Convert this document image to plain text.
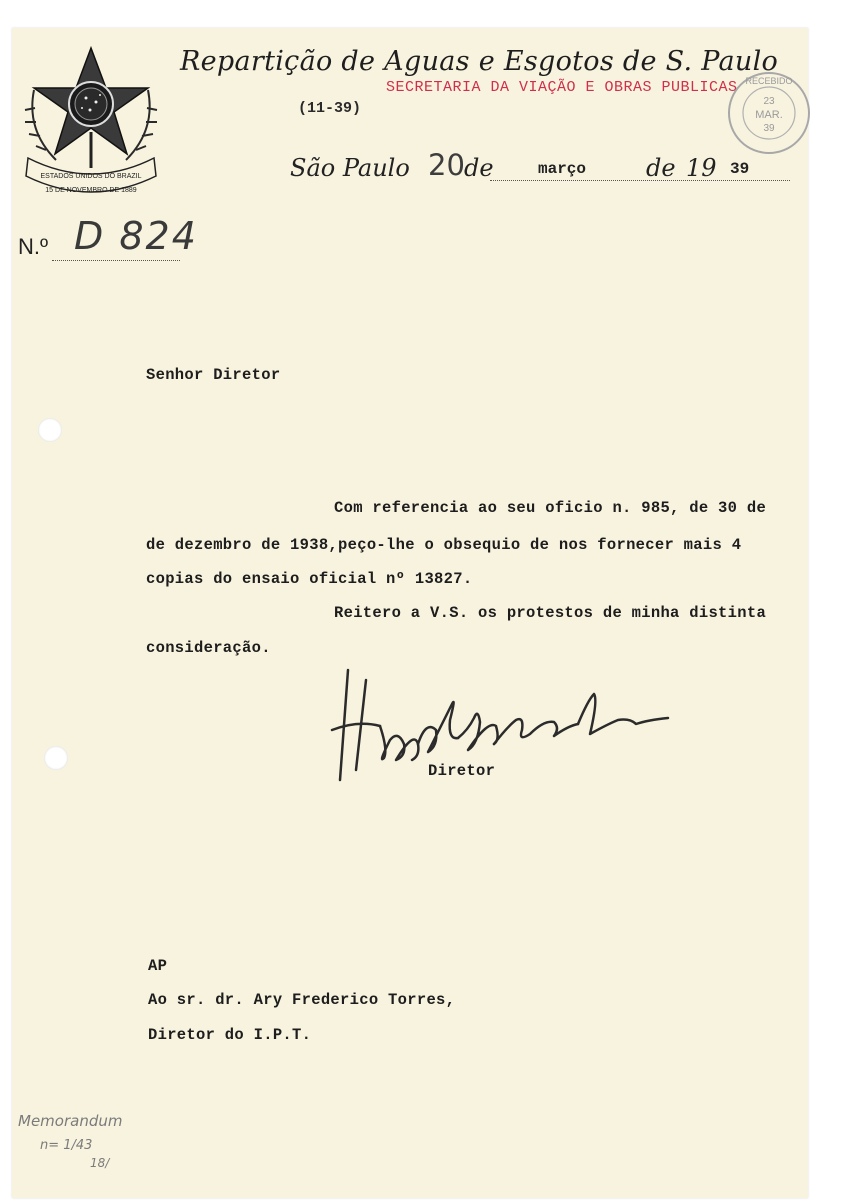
ESTADOS UNIDOS DO BRAZIL
15 DE NOVEMBRO DE 1889
Repartição de Aguas e Esgotos de S. Paulo
(11-39)
SECRETARIA DA VIAÇÃO E OBRAS PUBLICAS RECEBIDO
23
MAR.
39
São Paulo 20 de	março de 19 39
N.º D 824
Senhor Diretor
Com referencia ao seu oficio n. 985, de 30 de
de dezembro de 1938,peço-lhe o obsequio de nos fornecer mais 4
copias do ensaio oficial nº 13827.
Reitero a V.S. os protestos de minha distinta
consideração.
Diretor
AP
Ao sr. dr. Ary Frederico Torres,
Diretor do I.P.T.
Memorandum
n= 1/43
18/
